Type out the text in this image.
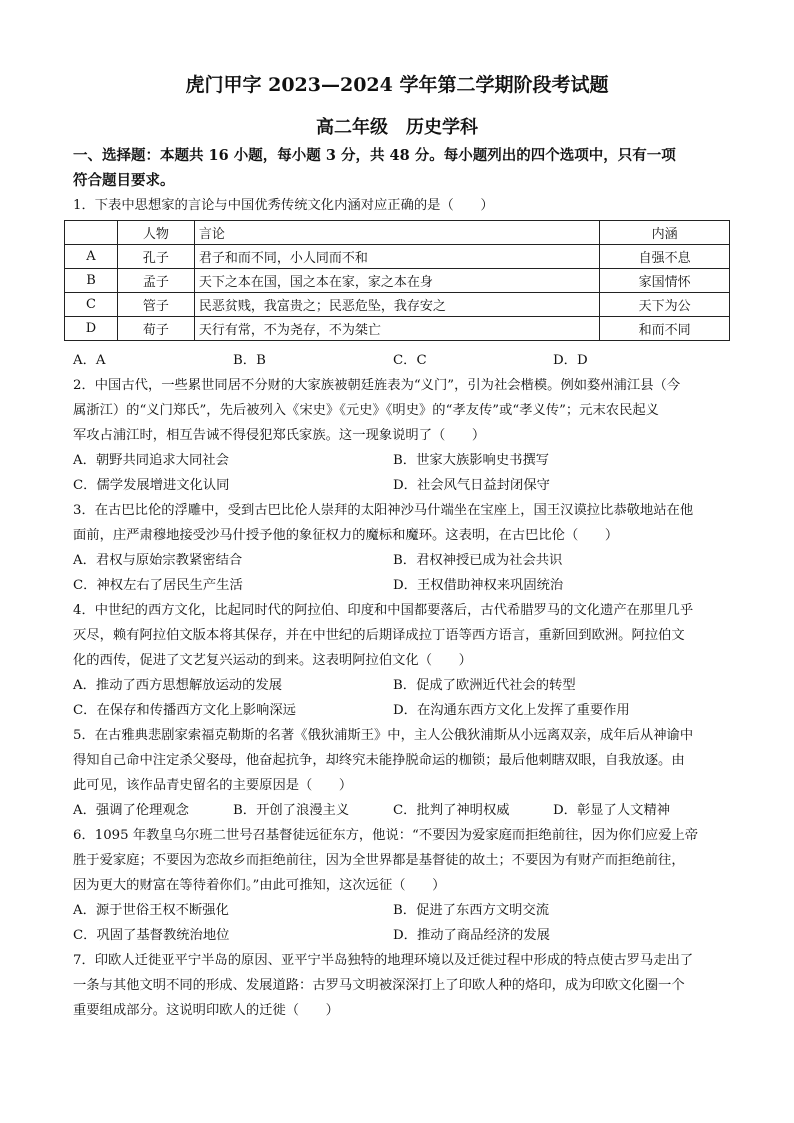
虎门甲字 2023—2024 学年第二学期阶段考试题
高二年级　历史学科
一、选择题：本题共 16 小题，每小题 3 分，共 48 分。每小题列出的四个选项中，只有一项
符合题目要求。
1．下表中思想家的言论与中国优秀传统文化内涵对应正确的是（　　）
	人物	言论	内涵
A	孔子	君子和而不同，小人同而不和	自强不息
B	孟子	天下之本在国，国之本在家，家之本在身	家国情怀
C	管子	民恶贫贱，我富贵之；民恶危坠，我存安之	天下为公
D	荀子	天行有常，不为尧存，不为桀亡	和而不同
A．A	B．B	C．C	D．D
2．中国古代，一些累世同居不分财的大家族被朝廷旌表为“义门”，引为社会楷模。例如婺州浦江县（今
属浙江）的“义门郑氏”，先后被列入《宋史》《元史》《明史》的“孝友传”或“孝义传”；元末农民起义
军攻占浦江时，相互告诫不得侵犯郑氏家族。这一现象说明了（　　）
A．朝野共同追求大同社会	B．世家大族影响史书撰写
C．儒学发展增进文化认同	D．社会风气日益封闭保守
3．在古巴比伦的浮雕中，受到古巴比伦人崇拜的太阳神沙马什端坐在宝座上，国王汉谟拉比恭敬地站在他
面前，庄严肃穆地接受沙马什授予他的象征权力的魔标和魔环。这表明，在古巴比伦（　　）
A．君权与原始宗教紧密结合	B．君权神授已成为社会共识
C．神权左右了居民生产生活	D．王权借助神权来巩固统治
4．中世纪的西方文化，比起同时代的阿拉伯、印度和中国都要落后，古代希腊罗马的文化遗产在那里几乎
灭尽，赖有阿拉伯文版本将其保存，并在中世纪的后期译成拉丁语等西方语言，重新回到欧洲。阿拉伯文
化的西传，促进了文艺复兴运动的到来。这表明阿拉伯文化（　　）
A．推动了西方思想解放运动的发展	B．促成了欧洲近代社会的转型
C．在保存和传播西方文化上影响深远	D．在沟通东西方文化上发挥了重要作用
5．在古雅典悲剧家索福克勒斯的名著《俄狄浦斯王》中，主人公俄狄浦斯从小远离双亲，成年后从神谕中
得知自己命中注定杀父娶母，他奋起抗争，却终究未能挣脱命运的枷锁；最后他刺瞎双眼，自我放逐。由
此可见，该作品青史留名的主要原因是（　　）
A．强调了伦理观念	B．开创了浪漫主义	C．批判了神明权威	D．彰显了人文精神
6．1095 年教皇乌尔班二世号召基督徒远征东方，他说：“不要因为爱家庭而拒绝前往，因为你们应爱上帝
胜于爱家庭；不要因为恋故乡而拒绝前往，因为全世界都是基督徒的故土；不要因为有财产而拒绝前往，
因为更大的财富在等待着你们。”由此可推知，这次远征（　　）
A．源于世俗王权不断强化	B．促进了东西方文明交流
C．巩固了基督教统治地位	D．推动了商品经济的发展
7．印欧人迁徙亚平宁半岛的原因、亚平宁半岛独特的地理环境以及迁徙过程中形成的特点使古罗马走出了
一条与其他文明不同的形成、发展道路：古罗马文明被深深打上了印欧人种的烙印，成为印欧文化圈一个
重要组成部分。这说明印欧人的迁徙（　　）
